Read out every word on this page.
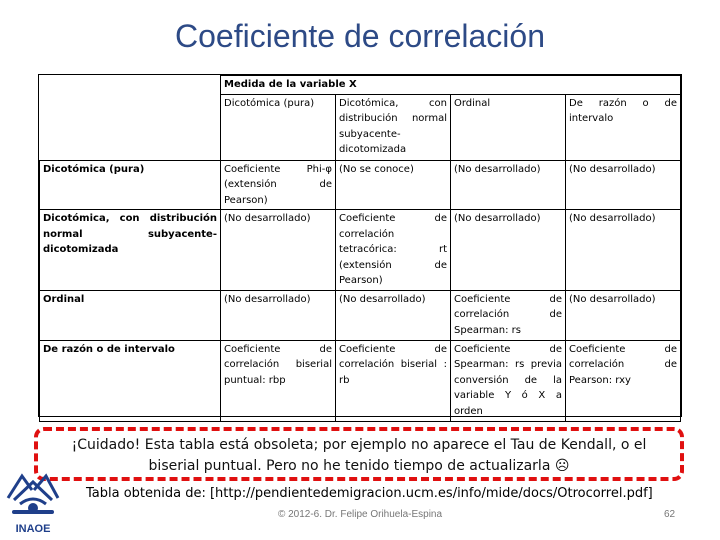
Coeficiente de correlación
	Medida de la variable X			
	Dicotómica (pura)	Dicotómica, con distribución normal subyacente-dicotomizada	Ordinal	De razón o de intervalo
Dicotómica (pura)	Coeficiente Phi-φ (extensión de Pearson)	(No se conoce)	(No desarrollado)	(No desarrollado)
Dicotómica, con distribución normal subyacente-dicotomizada	(No desarrollado)	Coeficiente de correlación tetracórica: rt (extensión de Pearson)	(No desarrollado)	(No desarrollado)
Ordinal	(No desarrollado)	(No desarrollado)	Coeficiente de correlación de Spearman: rs	(No desarrollado)
De razón o de intervalo	Coeficiente de correlación biserial puntual: rbp	Coeficiente de correlación biserial : rb	Coeficiente de Spearman: rs previa conversión de la variable Y ó X a orden	Coeficiente de correlación de Pearson: rxy
¡Cuidado! Esta tabla está obsoleta; por ejemplo no aparece el Tau de Kendall, o el
biserial puntual. Pero no he tenido tiempo de actualizarla ☹
Tabla obtenida de: [http://pendientedemigracion.ucm.es/info/mide/docs/Otrocorrel.pdf]
INAOE
© 2012-6. Dr. Felipe Orihuela-Espina	62
